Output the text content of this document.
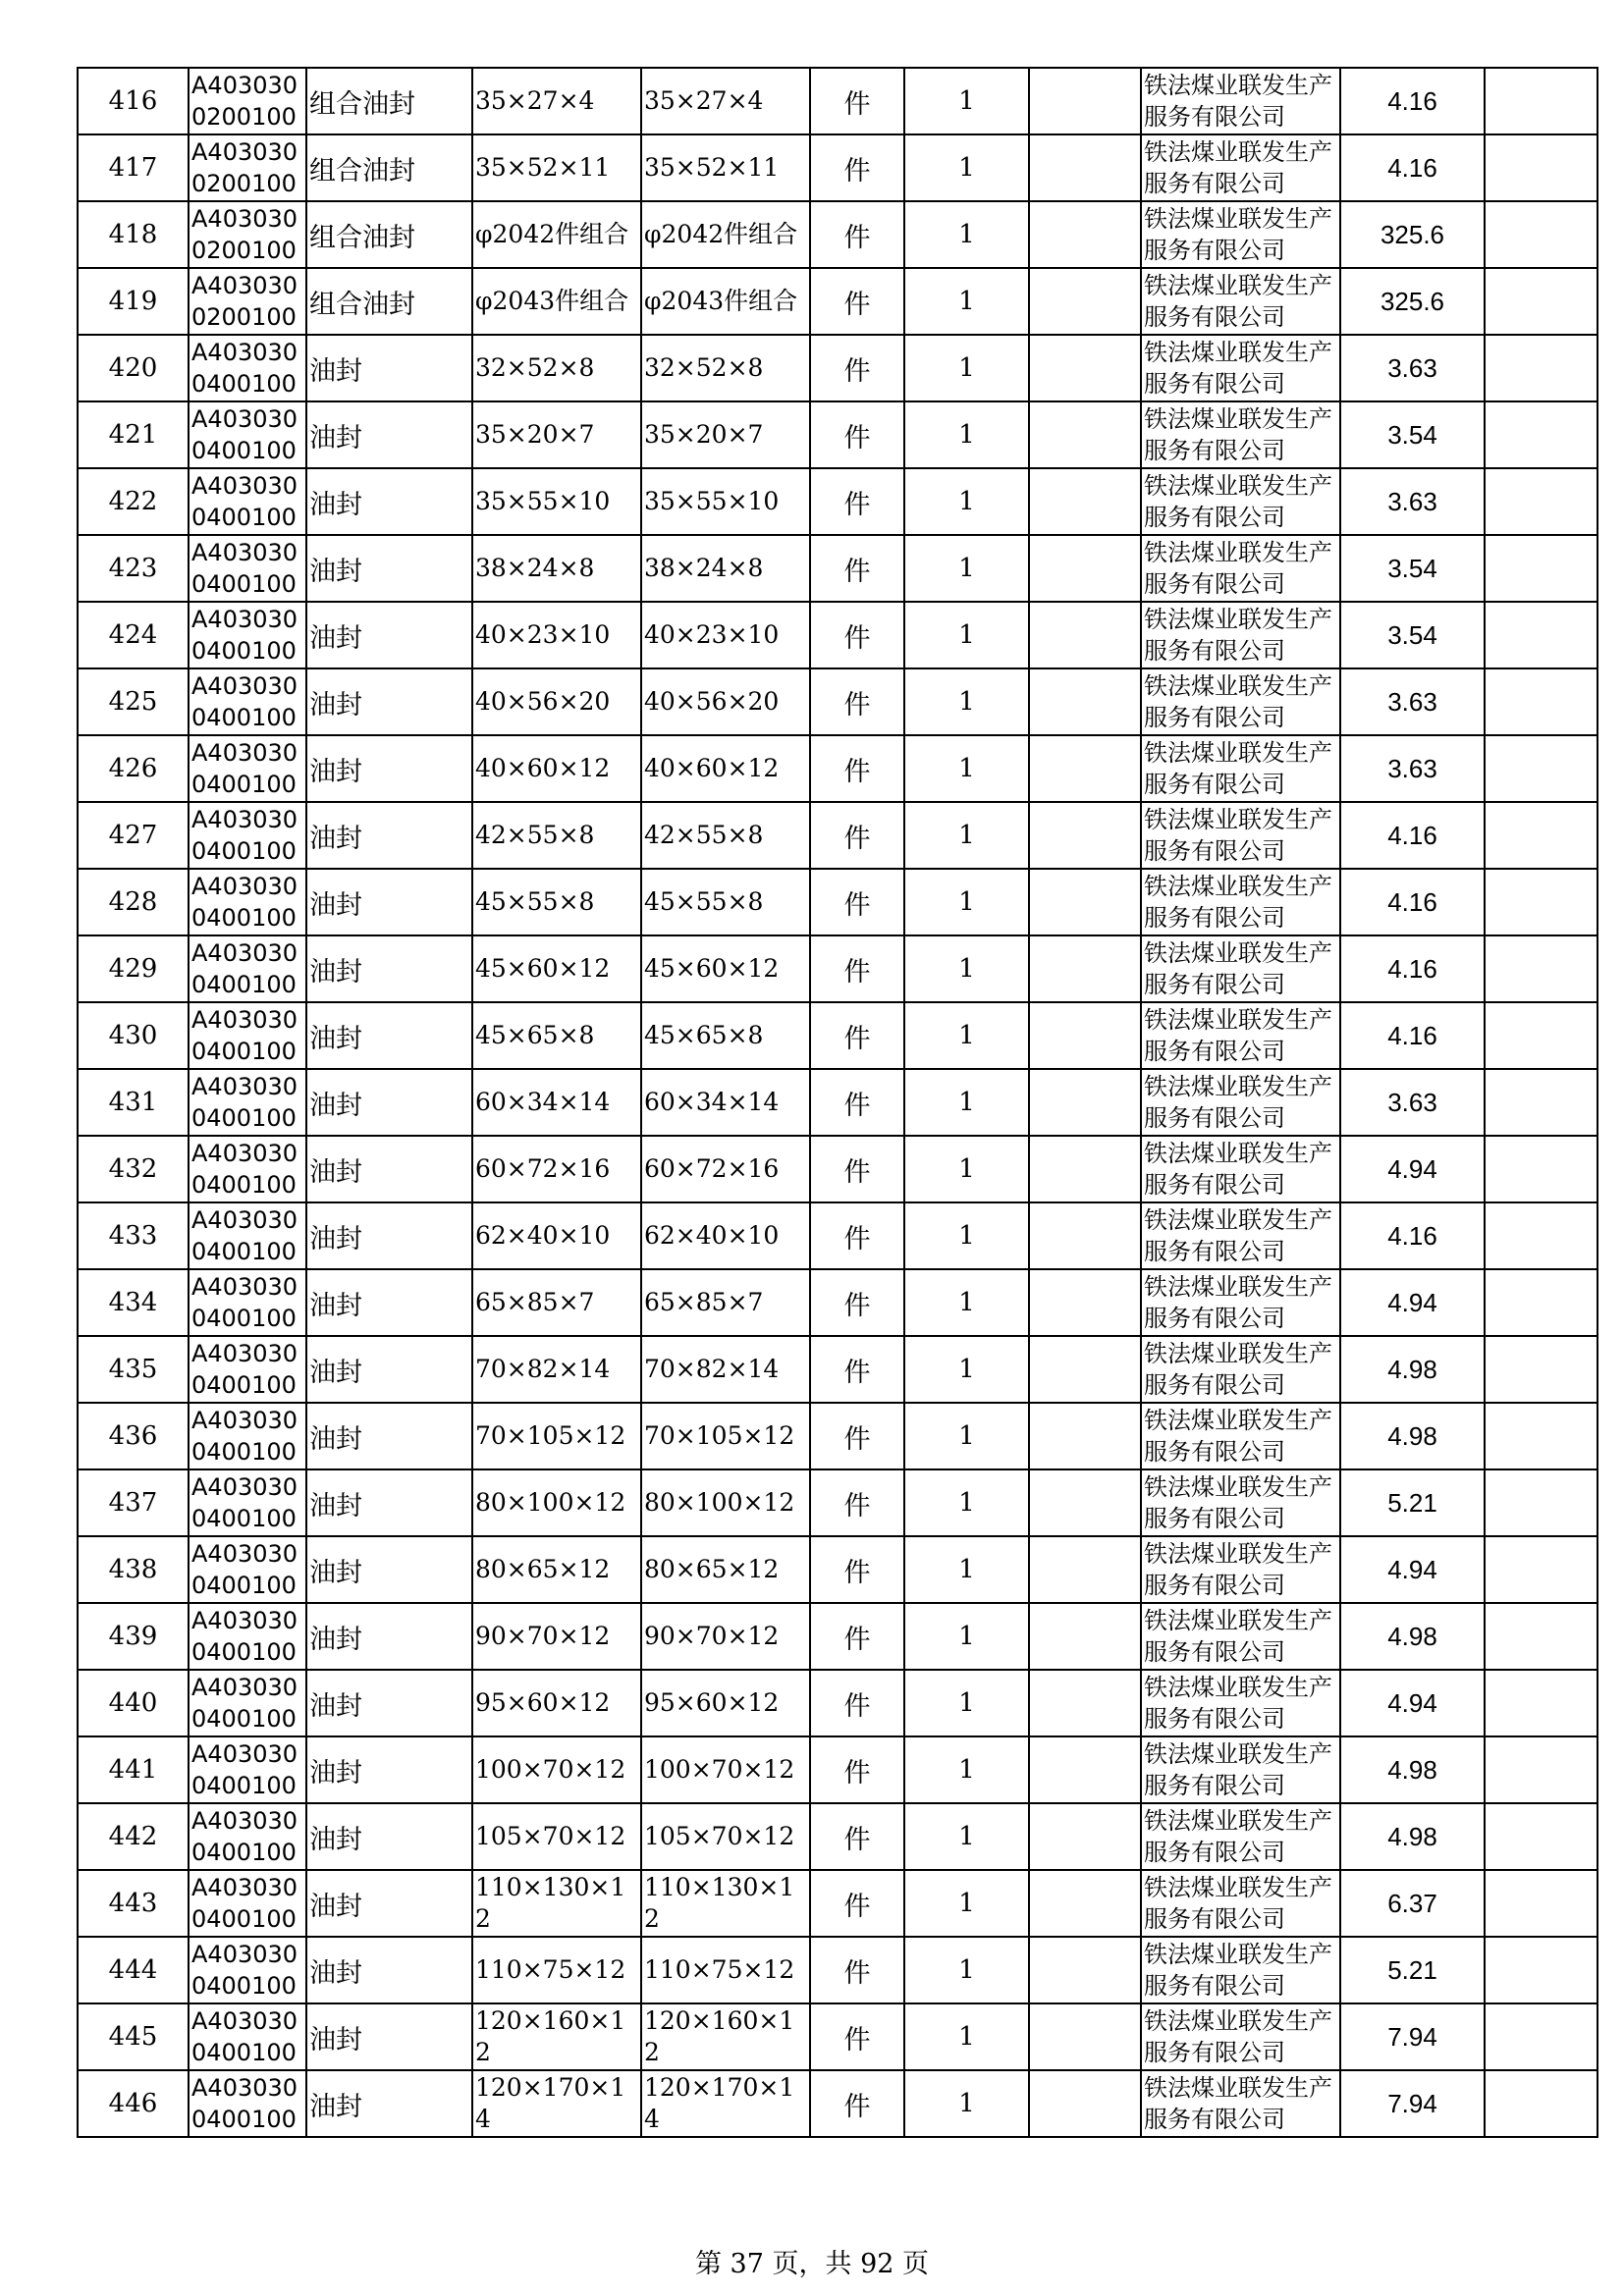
416	A4030300200100	组合油封	35×27×4	35×27×4	件	1		铁法煤业联发生产服务有限公司	4.16	
417	A4030300200100	组合油封	35×52×11	35×52×11	件	1		铁法煤业联发生产服务有限公司	4.16	
418	A4030300200100	组合油封	φ2042件组合	φ2042件组合	件	1		铁法煤业联发生产服务有限公司	325.6	
419	A4030300200100	组合油封	φ2043件组合	φ2043件组合	件	1		铁法煤业联发生产服务有限公司	325.6	
420	A4030300400100	油封	32×52×8	32×52×8	件	1		铁法煤业联发生产服务有限公司	3.63	
421	A4030300400100	油封	35×20×7	35×20×7	件	1		铁法煤业联发生产服务有限公司	3.54	
422	A4030300400100	油封	35×55×10	35×55×10	件	1		铁法煤业联发生产服务有限公司	3.63	
423	A4030300400100	油封	38×24×8	38×24×8	件	1		铁法煤业联发生产服务有限公司	3.54	
424	A4030300400100	油封	40×23×10	40×23×10	件	1		铁法煤业联发生产服务有限公司	3.54	
425	A4030300400100	油封	40×56×20	40×56×20	件	1		铁法煤业联发生产服务有限公司	3.63	
426	A4030300400100	油封	40×60×12	40×60×12	件	1		铁法煤业联发生产服务有限公司	3.63	
427	A4030300400100	油封	42×55×8	42×55×8	件	1		铁法煤业联发生产服务有限公司	4.16	
428	A4030300400100	油封	45×55×8	45×55×8	件	1		铁法煤业联发生产服务有限公司	4.16	
429	A4030300400100	油封	45×60×12	45×60×12	件	1		铁法煤业联发生产服务有限公司	4.16	
430	A4030300400100	油封	45×65×8	45×65×8	件	1		铁法煤业联发生产服务有限公司	4.16	
431	A4030300400100	油封	60×34×14	60×34×14	件	1		铁法煤业联发生产服务有限公司	3.63	
432	A4030300400100	油封	60×72×16	60×72×16	件	1		铁法煤业联发生产服务有限公司	4.94	
433	A4030300400100	油封	62×40×10	62×40×10	件	1		铁法煤业联发生产服务有限公司	4.16	
434	A4030300400100	油封	65×85×7	65×85×7	件	1		铁法煤业联发生产服务有限公司	4.94	
435	A4030300400100	油封	70×82×14	70×82×14	件	1		铁法煤业联发生产服务有限公司	4.98	
436	A4030300400100	油封	70×105×12	70×105×12	件	1		铁法煤业联发生产服务有限公司	4.98	
437	A4030300400100	油封	80×100×12	80×100×12	件	1		铁法煤业联发生产服务有限公司	5.21	
438	A4030300400100	油封	80×65×12	80×65×12	件	1		铁法煤业联发生产服务有限公司	4.94	
439	A4030300400100	油封	90×70×12	90×70×12	件	1		铁法煤业联发生产服务有限公司	4.98	
440	A4030300400100	油封	95×60×12	95×60×12	件	1		铁法煤业联发生产服务有限公司	4.94	
441	A4030300400100	油封	100×70×12	100×70×12	件	1		铁法煤业联发生产服务有限公司	4.98	
442	A4030300400100	油封	105×70×12	105×70×12	件	1		铁法煤业联发生产服务有限公司	4.98	
443	A4030300400100	油封	110×130×12	110×130×12	件	1		铁法煤业联发生产服务有限公司	6.37	
444	A4030300400100	油封	110×75×12	110×75×12	件	1		铁法煤业联发生产服务有限公司	5.21	
445	A4030300400100	油封	120×160×12	120×160×12	件	1		铁法煤业联发生产服务有限公司	7.94	
446	A4030300400100	油封	120×170×14	120×170×14	件	1		铁法煤业联发生产服务有限公司	7.94	
第 37 页，共 92 页
